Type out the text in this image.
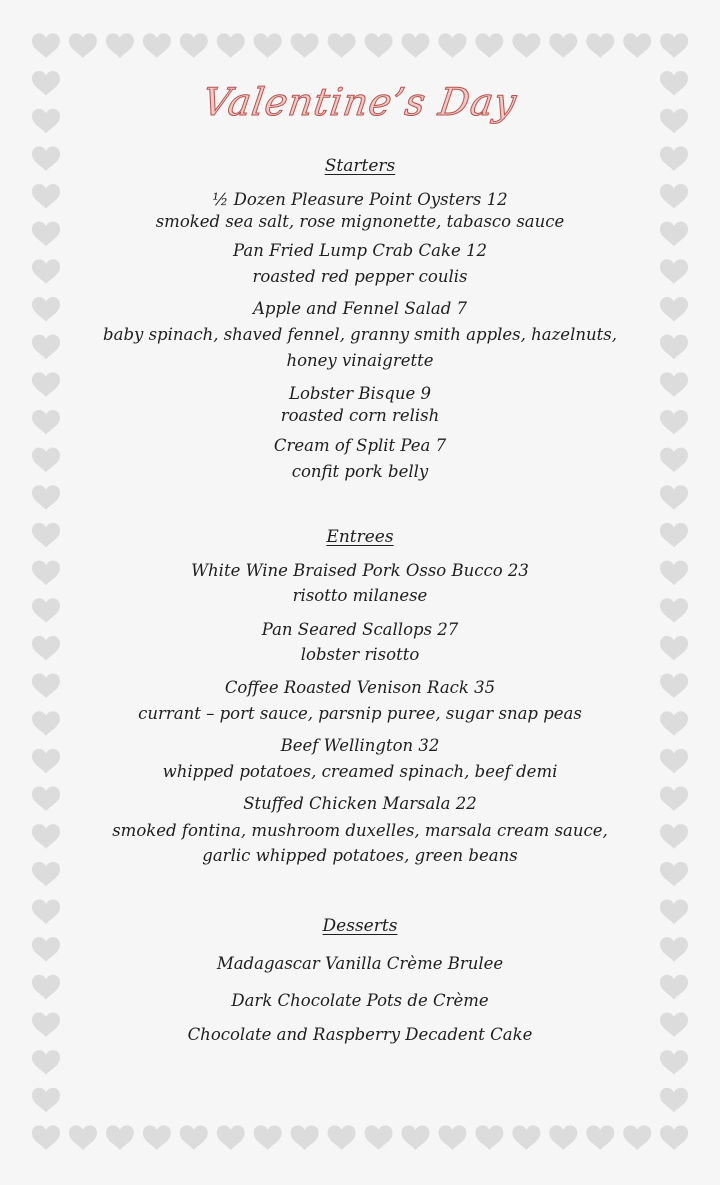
Valentine’s Day
Starters
½ Dozen Pleasure Point Oysters 12
smoked sea salt, rose mignonette, tabasco sauce
Pan Fried Lump Crab Cake 12
roasted red pepper coulis
Apple and Fennel Salad 7
baby spinach, shaved fennel, granny smith apples, hazelnuts,
honey vinaigrette
Lobster Bisque 9
roasted corn relish
Cream of Split Pea 7
confit pork belly
Entrees
White Wine Braised Pork Osso Bucco 23
risotto milanese
Pan Seared Scallops 27
lobster risotto
Coffee Roasted Venison Rack 35
currant – port sauce, parsnip puree, sugar snap peas
Beef Wellington 32
whipped potatoes, creamed spinach, beef demi
Stuffed Chicken Marsala 22
smoked fontina, mushroom duxelles, marsala cream sauce,
garlic whipped potatoes, green beans
Desserts
Madagascar Vanilla Crème Brulee
Dark Chocolate Pots de Crème
Chocolate and Raspberry Decadent Cake
